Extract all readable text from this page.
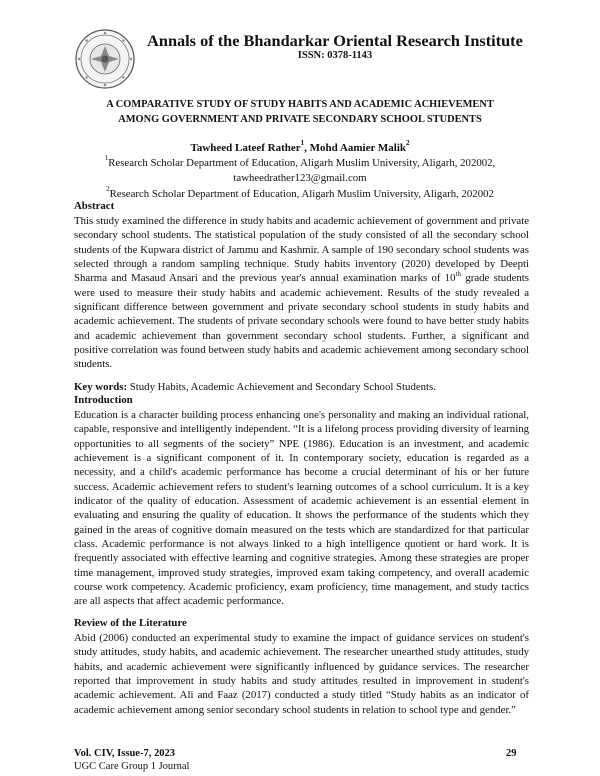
Annals of the Bhandarkar Oriental Research Institute
ISSN: 0378-1143
A COMPARATIVE STUDY OF STUDY HABITS AND ACADEMIC ACHIEVEMENT
AMONG GOVERNMENT AND PRIVATE SECONDARY SCHOOL STUDENTS
Tawheed Lateef Rather$^1$, Mohd Aamier Malik$^2$
$^1$Research Scholar Department of Education, Aligarh Muslim University, Aligarh, 202002,
tawheedrather123@gmail.com
$^2$Research Scholar Department of Education, Aligarh Muslim University, Aligarh, 202002
Abstract
This study examined the difference in study habits and academic achievement of government and private secondary school students. The statistical population of the study consisted of all the secondary school students of the Kupwara district of Jammu and Kashmir. A sample of 190 secondary school students was selected through a random sampling technique. Study habits inventory (2020) developed by Deepti Sharma and Masaud Ansari and the previous year's annual examination marks of 10th grade students were used to measure their study habits and academic achievement. Results of the study revealed a significant difference between government and private secondary school students in study habits and academic achievement. The students of private secondary schools were found to have better study habits and academic achievement than government secondary school students. Further, a significant and positive correlation was found between study habits and academic achievement among secondary school students.
Key words: Study Habits, Academic Achievement and Secondary School Students.
Introduction
Education is a character building process enhancing one's personality and making an individual rational, capable, responsive and intelligently independent. “It is a lifelong process providing diversity of learning opportunities to all segments of the society” NPE (1986). Education is an investment, and academic achievement is a significant component of it. In contemporary society, education is regarded as a necessity, and a child's academic performance has become a crucial determinant of his or her future success. Academic achievement refers to student's learning outcomes of a school curriculum. It is a key indicator of the quality of education. Assessment of academic achievement is an essential element in evaluating and ensuring the quality of education. It shows the performance of the students which they gained in the areas of cognitive domain measured on the tests which are standardized for that particular class. Academic performance is not always linked to a high intelligence quotient or hard work. It is frequently associated with effective learning and cognitive strategies. Among these strategies are proper time management, improved study strategies, improved exam taking competency, and overall academic course work competency. Academic proficiency, exam proficiency, time management, and study tactics are all aspects that affect academic performance.
Review of the Literature
Abid (2006) conducted an experimental study to examine the impact of guidance services on student's study attitudes, study habits, and academic achievement. The researcher unearthed study attitudes, study habits, and academic achievement were significantly influenced by guidance services. The researcher reported that improvement in study habits and study attitudes resulted in improvement in student's academic achievement. Ali and Faaz (2017) conducted a study titled “Study habits as an indicator of academic achievement among senior secondary school students in relation to school type and gender.”
Vol. CIV, Issue-7, 2023
UGC Care Group 1 Journal
29
